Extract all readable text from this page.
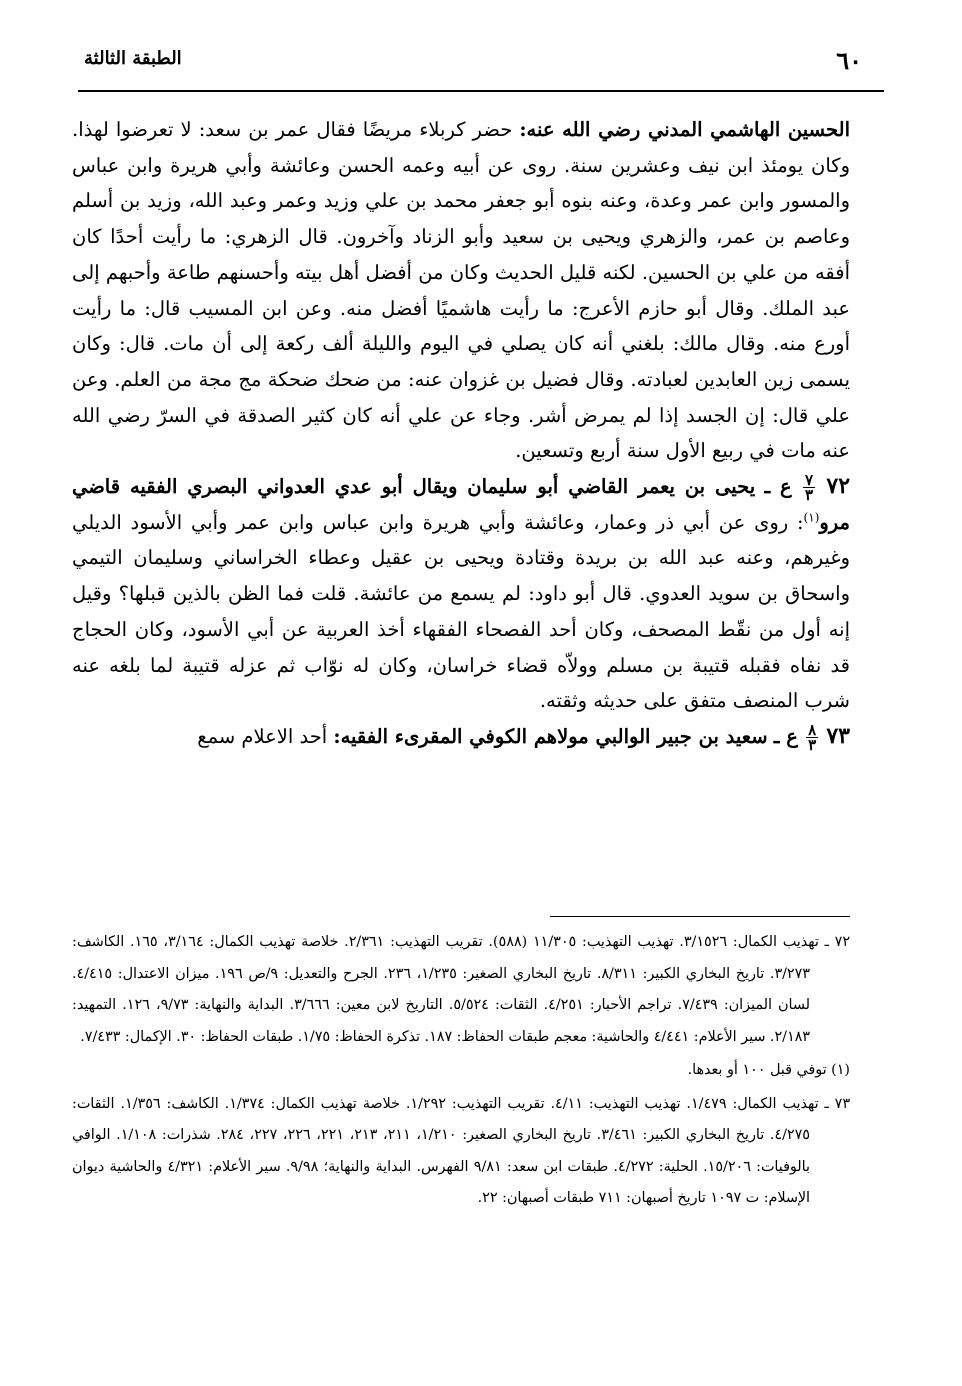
٦٠
الطبقة الثالثة

الحسين الهاشمي المدني رضي الله عنه: حضر كربلاء مريضًا فقال عمر بن سعد: لا تعرضوا لهذا. وكان يومئذ ابن نيف وعشرين سنة. روى عن أبيه وعمه الحسن وعائشة وأبي هريرة وابن عباس والمسور وابن عمر وعدة، وعنه بنوه أبو جعفر محمد بن علي وزيد وعمر وعبد الله، وزيد بن أسلم وعاصم بن عمر، والزهري ويحيى بن سعيد وأبو الزناد وآخرون. قال الزهري: ما رأيت أحدًا كان أفقه من علي بن الحسين. لكنه قليل الحديث وكان من أفضل أهل بيته وأحسنهم طاعة وأحبهم إلى عبد الملك. وقال أبو حازم الأعرج: ما رأيت هاشميًا أفضل منه. وعن ابن المسيب قال: ما رأيت أورع منه. وقال مالك: بلغني أنه كان يصلي في اليوم والليلة ألف ركعة إلى أن مات. قال: وكان يسمى زين العابدين لعبادته. وقال فضيل بن غزوان عنه: من ضحك ضحكة مج مجة من العلم. وعن علي قال: إن الجسد إذا لم يمرض أشر. وجاء عن علي أنه كان كثير الصدقة في السرّ رضي الله عنه مات في ربيع الأول سنة أربع وتسعين.

٧٢
$\frac{٧}{٣}$
ع ـ يحيى بن يعمر القاضي أبو سليمان ويقال أبو عدي العدواني البصري الفقيه قاضي مرو$^{(١)}$: روى عن أبي ذر وعمار، وعائشة وأبي هريرة وابن عباس وابن عمر وأبي الأسود الديلي وغيرهم، وعنه عبد الله بن بريدة وقتادة ويحيى بن عقيل وعطاء الخراساني وسليمان التيمي واسحاق بن سويد العدوي. قال أبو داود: لم يسمع من عائشة. قلت فما الظن بالذين قبلها؟ وقيل إنه أول من نقّط المصحف، وكان أحد الفصحاء الفقهاء أخذ العربية عن أبي الأسود، وكان الحجاج قد نفاه فقبله قتيبة بن مسلم وولاّه قضاء خراسان، وكان له نوّاب ثم عزله قتيبة لما بلغه عنه شرب المنصف متفق على حديثه وثقته.

٧٣
$\frac{٨}{٣}$
ع ـ سعيد بن جبير الوالبي مولاهم الكوفي المقرىء الفقيه: أحد الاعلام سمع

٧٢ ـ تهذيب الكمال: ٣/١٥٢٦. تهذيب التهذيب: ١١/٣٠٥ (٥٨٨). تقريب التهذيب: ٢/٣٦١. خلاصة تهذيب الكمال: ٣/١٦٤، ١٦٥. الكاشف: ٣/٢٧٣. تاريخ البخاري الكبير: ٨/٣١١. تاريخ البخاري الصغير: ١/٢٣٥، ٢٣٦. الجرح والتعديل: ٩/ص ١٩٦. ميزان الاعتدال: ٤/٤١٥. لسان الميزان: ٧/٤٣٩. تراجم الأحبار: ٤/٢٥١. الثقات: ٥/٥٢٤. التاريخ لابن معين: ٣/٦٦٦. البداية والنهاية: ٩/٧٣، ١٢٦. التمهيد: ٢/١٨٣. سير الأعلام: ٤/٤٤١ والحاشية: معجم طبقات الحفاظ: ١٨٧. تذكرة الحفاظ: ١/٧٥. طبقات الحفاظ: ٣٠. الإكمال: ٧/٤٣٣.

(١) توفي قبل ١٠٠ أو بعدها.

٧٣ ـ تهذيب الكمال: ١/٤٧٩. تهذيب التهذيب: ٤/١١. تقريب التهذيب: ١/٢٩٢. خلاصة تهذيب الكمال: ١/٣٧٤. الكاشف: ١/٣٥٦. الثقات: ٤/٢٧٥. تاريخ البخاري الكبير: ٣/٤٦١. تاريخ البخاري الصغير: ١/٢١٠، ٢١١، ٢١٣، ٢٢١، ٢٢٦، ٢٢٧، ٢٨٤. شذرات: ١/١٠٨. الوافي بالوفيات: ١٥/٢٠٦. الحلية: ٤/٢٧٢. طبقات ابن سعد: ٩/٨١ الفهرس. البداية والنهاية؛ ٩/٩٨. سير الأعلام: ٤/٣٢١ والحاشية ديوان الإسلام: ت ١٠٩٧ تاريخ أصبهان: ٧١١ طبقات أصبهان: ٢٢.
